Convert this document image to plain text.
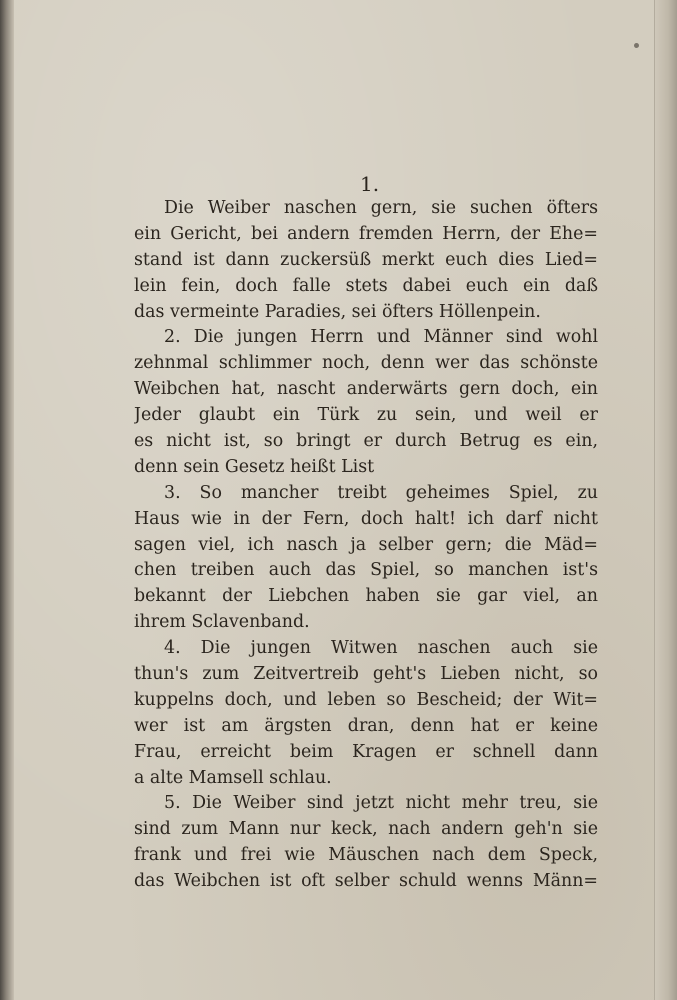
1.
Die Weiber naschen gern, sie suchen öfters
ein Gericht, bei andern fremden Herrn, der Ehe=
stand ist dann zuckersüß merkt euch dies Lied=
lein fein, doch falle stets dabei euch ein daß
das vermeinte Paradies, sei öfters Höllenpein.
2. Die jungen Herrn und Männer sind wohl
zehnmal schlimmer noch, denn wer das schönste
Weibchen hat, nascht anderwärts gern doch, ein
Jeder glaubt ein Türk zu sein, und weil er
es nicht ist, so bringt er durch Betrug es ein,
denn sein Gesetz heißt List
3. So mancher treibt geheimes Spiel, zu
Haus wie in der Fern, doch halt! ich darf nicht
sagen viel, ich nasch ja selber gern; die Mäd=
chen treiben auch das Spiel, so manchen ist's
bekannt der Liebchen haben sie gar viel, an
ihrem Sclavenband.
4. Die jungen Witwen naschen auch sie
thun's zum Zeitvertreib geht's Lieben nicht, so
kuppelns doch, und leben so Bescheid; der Wit=
wer ist am ärgsten dran, denn hat er keine
Frau, erreicht beim Kragen er schnell dann
a alte Mamsell schlau.
5. Die Weiber sind jetzt nicht mehr treu, sie
sind zum Mann nur keck, nach andern geh'n sie
frank und frei wie Mäuschen nach dem Speck,
das Weibchen ist oft selber schuld wenns Männ=
